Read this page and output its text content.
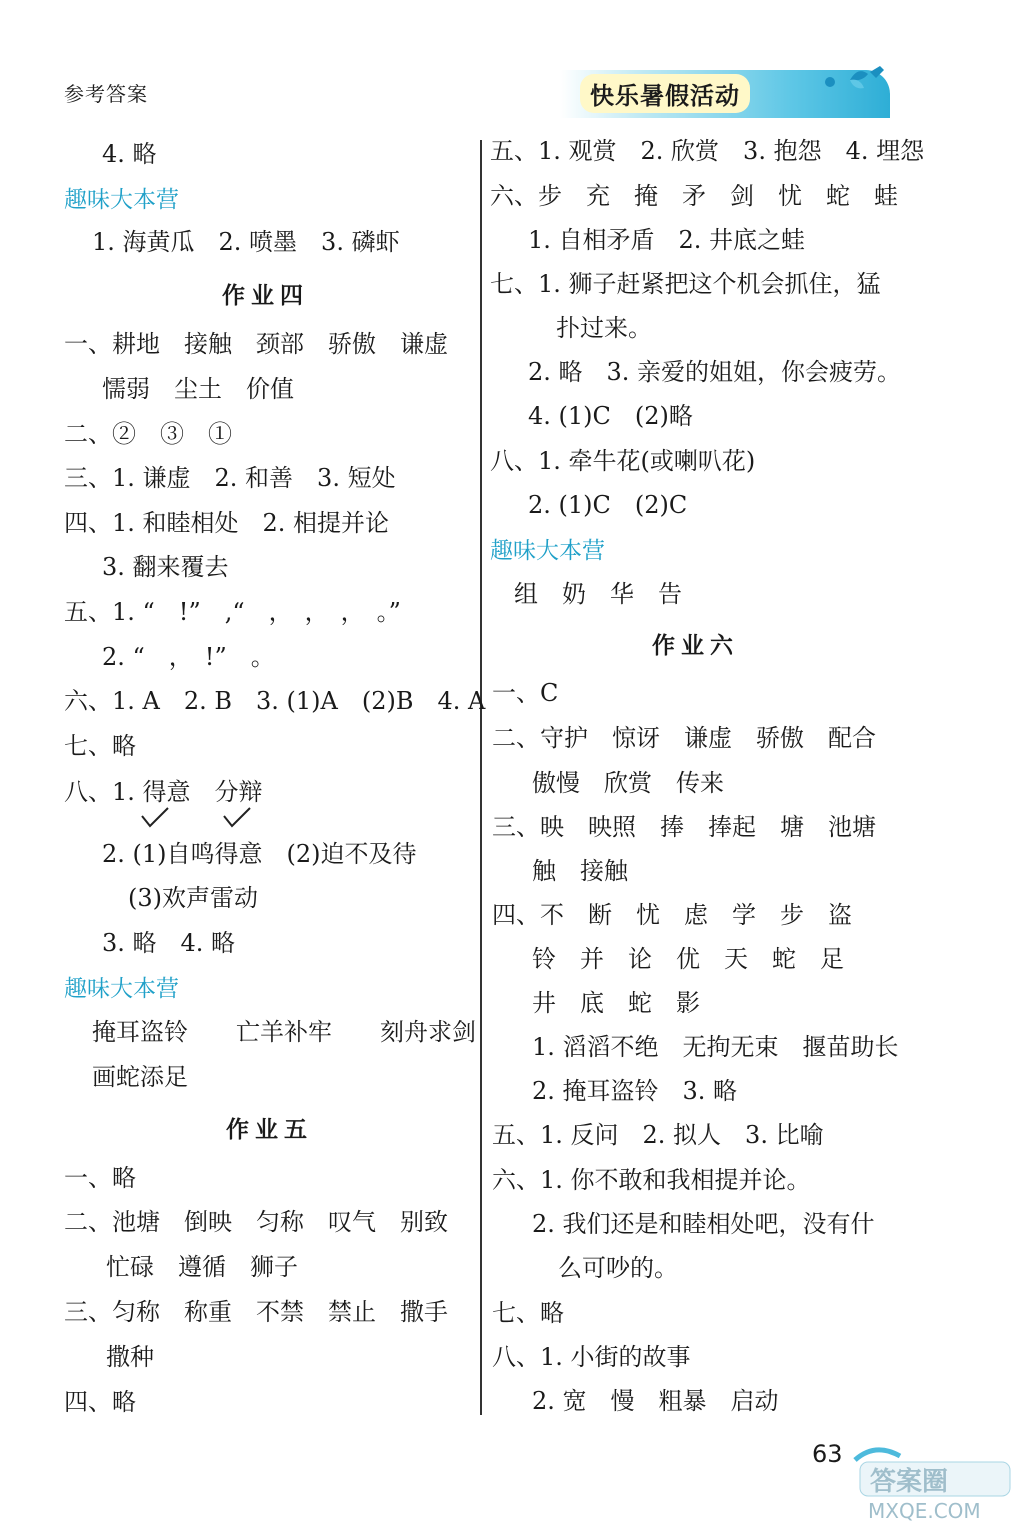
参考答案	快乐暑假活动
4. 略
趣味大本营
1. 海黄瓜　2. 喷墨　3. 磷虾
作业四
一、耕地　接触　颈部　骄傲　谦虚
懦弱　尘土　价值
二、②　③　①
三、1. 谦虚　2. 和善　3. 短处
四、1. 和睦相处　2. 相提并论
3. 翻来覆去
五、1. “　!”　,“　，　，　，　。”
2. “　，　!”　。
六、1. A　2. B　3. (1)A　(2)B　4. A
七、略
八、1. 得意　分辩
2. (1)自鸣得意　(2)迫不及待
(3)欢声雷动
3. 略　4. 略
趣味大本营
掩耳盗铃　　亡羊补牢　　刻舟求剑
画蛇添足
作业五
一、略
二、池塘　倒映　匀称　叹气　别致
忙碌　遵循　狮子
三、匀称　称重　不禁　禁止　撒手
撒种
四、略
五、1. 观赏　2. 欣赏　3. 抱怨　4. 埋怨
六、步　充　掩　矛　剑　忧　蛇　蛙
1. 自相矛盾　2. 井底之蛙
七、1. 狮子赶紧把这个机会抓住，猛
扑过来。
2. 略　3. 亲爱的姐姐，你会疲劳。
4. (1)C　(2)略
八、1. 牵牛花(或喇叭花)
2. (1)C　(2)C
趣味大本营
组　奶　华　告
作业六
一、C
二、守护　惊讶　谦虚　骄傲　配合
傲慢　欣赏　传来
三、映　映照　捧　捧起　塘　池塘
触　接触
四、不　断　忧　虑　学　步　盗
铃　并　论　优　天　蛇　足
井　底　蛇　影
1. 滔滔不绝　无拘无束　揠苗助长
2. 掩耳盗铃　3. 略
五、1. 反问　2. 拟人　3. 比喻
六、1. 你不敢和我相提并论。
2. 我们还是和睦相处吧，没有什
么可吵的。
七、略
八、1. 小街的故事
2. 宽　慢　粗暴　启动
63
答案圈
MXQE.COM
